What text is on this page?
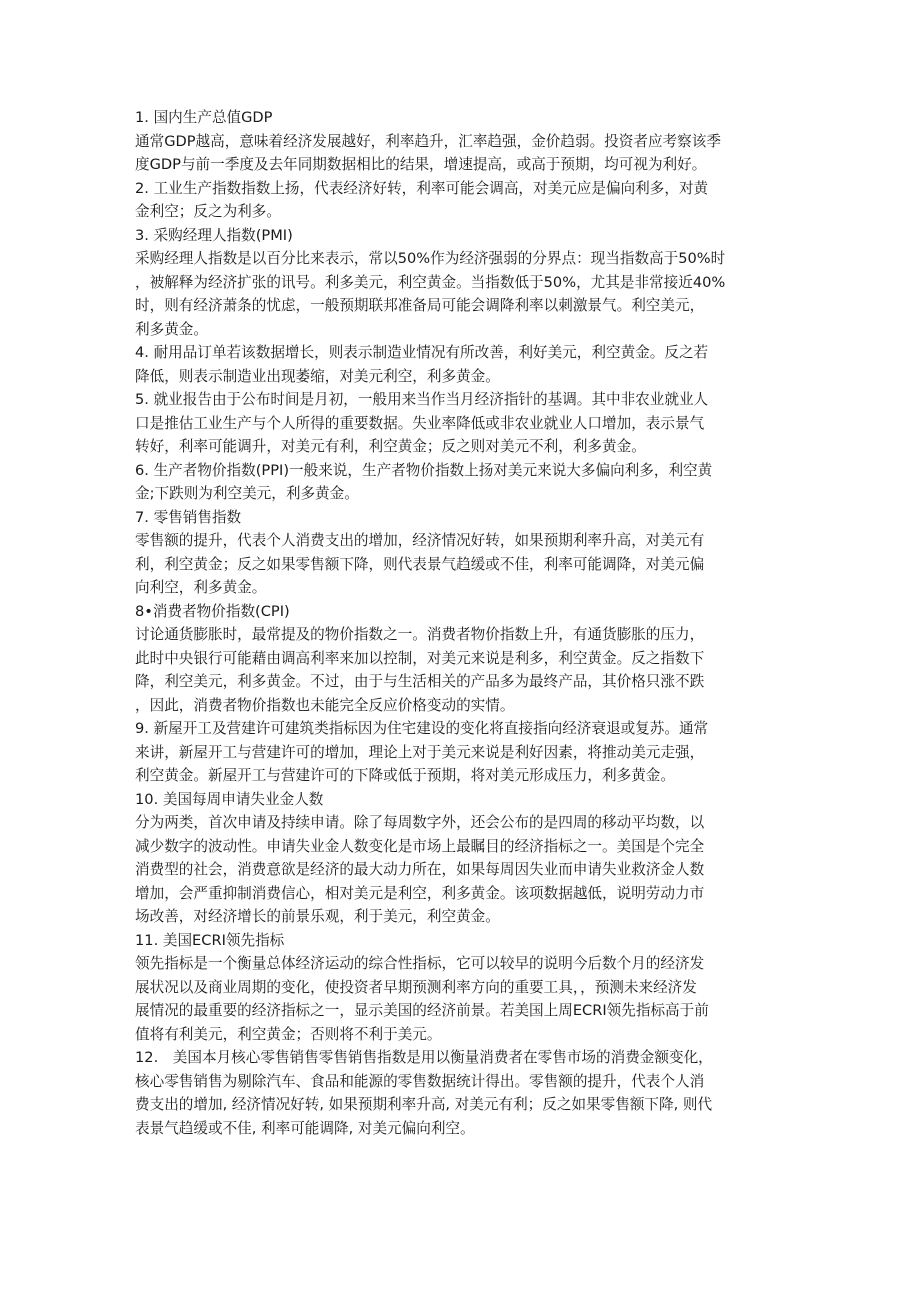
1. 国内生产总值GDP
通常GDP越高，意味着经济发展越好，利率趋升，汇率趋强，金价趋弱。投资者应考察该季
度GDP与前一季度及去年同期数据相比的结果，增速提高，或高于预期，均可视为利好。
2. 工业生产指数指数上扬，代表经济好转，利率可能会调高，对美元应是偏向利多，对黄
金利空；反之为利多。
3. 采购经理人指数(PMI)
采购经理人指数是以百分比来表示，常以50%作为经济强弱的分界点：现当指数高于50%时
，被解释为经济扩张的讯号。利多美元，利空黄金。当指数低于50%，尤其是非常接近40%
时，则有经济萧条的忧虑，一般预期联邦准备局可能会调降利率以刺激景气。利空美元，
利多黄金。
4. 耐用品订单若该数据增长，则表示制造业情况有所改善，利好美元，利空黄金。反之若
降低，则表示制造业出现萎缩，对美元利空，利多黄金。
5. 就业报告由于公布时间是月初，一般用来当作当月经济指针的基调。其中非农业就业人
口是推估工业生产与个人所得的重要数据。失业率降低或非农业就业人口增加，表示景气
转好，利率可能调升，对美元有利，利空黄金；反之则对美元不利，利多黄金。
6. 生产者物价指数(PPI)一般来说，生产者物价指数上扬对美元来说大多偏向利多，利空黄
金;下跌则为利空美元，利多黄金。
7. 零售销售指数
零售额的提升，代表个人消费支出的增加，经济情况好转，如果预期利率升高，对美元有
利，利空黄金；反之如果零售额下降，则代表景气趋缓或不佳，利率可能调降，对美元偏
向利空，利多黄金。
8•消费者物价指数(CPI)
讨论通货膨胀时，最常提及的物价指数之一。消费者物价指数上升，有通货膨胀的压力，
此时中央银行可能藉由调高利率来加以控制，对美元来说是利多，利空黄金。反之指数下
降，利空美元，利多黄金。不过，由于与生活相关的产品多为最终产品，其价格只涨不跌
，因此，消费者物价指数也未能完全反应价格变动的实情。
9. 新屋开工及营建许可建筑类指标因为住宅建设的变化将直接指向经济衰退或复苏。通常
来讲，新屋开工与营建许可的增加，理论上对于美元来说是利好因素，将推动美元走强，
利空黄金。新屋开工与营建许可的下降或低于预期，将对美元形成压力，利多黄金。
10. 美国每周申请失业金人数
分为两类，首次申请及持续申请。除了每周数字外，还会公布的是四周的移动平均数，以
减少数字的波动性。申请失业金人数变化是市场上最瞩目的经济指标之一。美国是个完全
消费型的社会，消费意欲是经济的最大动力所在，如果每周因失业而申请失业救济金人数
增加，会严重抑制消费信心，相对美元是利空，利多黄金。该项数据越低，说明劳动力市
场改善，对经济增长的前景乐观，利于美元，利空黄金。
11. 美国ECRI领先指标
领先指标是一个衡量总体经济运动的综合性指标，它可以较早的说明今后数个月的经济发
展状况以及商业周期的变化，使投资者早期预测利率方向的重要工具，，预测未来经济发
展情况的最重要的经济指标之一，显示美国的经济前景。若美国上周ECRI领先指标高于前
值将有利美元，利空黄金；否则将不利于美元。
12.　美国本月核心零售销售零售销售指数是用以衡量消费者在零售市场的消费金额变化，
核心零售销售为剔除汽车、食品和能源的零售数据统计得出。零售额的提升，代表个人消
费支出的增加, 经济情况好转, 如果预期利率升高, 对美元有利；反之如果零售额下降, 则代
表景气趋缓或不佳, 利率可能调降, 对美元偏向利空。
